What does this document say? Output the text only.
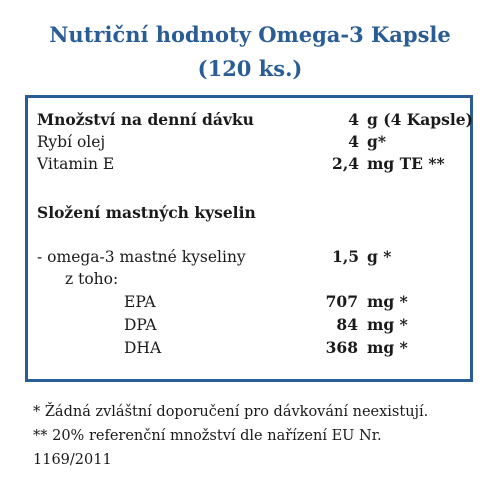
Nutriční hodnoty Omega-3 Kapsle
(120 ks.)
Množství na denní dávku	4 g (4 Kapsle)
Rybí olej	4 g*
Vitamin E	2,4 mg TE **
Složení mastných kyselin
- omega-3 mastné kyseliny	1,5 g *
z toho:
EPA	707 mg *
DPA	84 mg *
DHA	368 mg *
* Žádná zvláštní doporučení pro dávkování neexistují.
** 20% referenční množství dle nařízení EU Nr.
1169/2011
